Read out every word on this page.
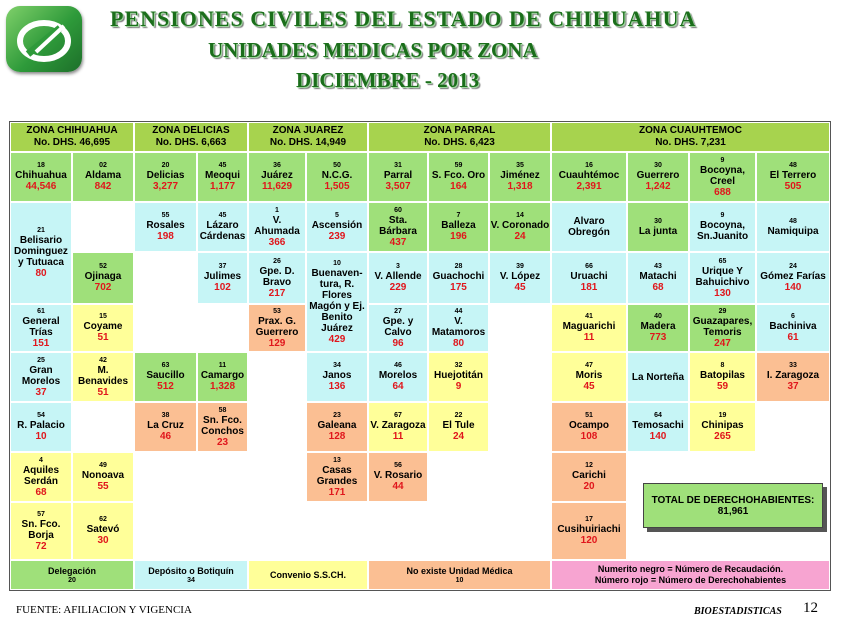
PENSIONES CIVILES DEL ESTADO DE CHIHUAHUA
UNIDADES MEDICAS POR ZONA
DICIEMBRE - 2013
ZONA CHIHUAHUA
No. DHS. 46,695
ZONA DELICIAS
No. DHS. 6,663
ZONA JUAREZ
No. DHS. 14,949
ZONA PARRAL
No. DHS. 6,423
ZONA CUAUHTEMOC
No. DHS. 7,231
18
Chihuahua
44,546
02
Aldama
842
20
Delicias
3,277
45
Meoqui
1,177
36
Juárez
11,629
50
N.C.G.
1,505
31
Parral
3,507
59
S. Fco. Oro
164
35
Jiménez
1,318
16
Cuauhtémoc
2,391
30
Guerrero
1,242
9
Bocoyna, Creel
688
48
El Terrero
505
21
Belisario Dominguez y Tutuaca
80
55
Rosales
198
45
Lázaro Cárdenas
1
V. Ahumada
366
5
Ascensión
239
60
Sta. Bárbara
437
7
Balleza
196
14
V. Coronado
24
Alvaro Obregón
30
La junta
9
Bocoyna, Sn.Juanito
48
Namiquipa
52
Ojinaga
702
37
Julimes
102
26
Gpe. D. Bravo
217
10
Buenaven-tura, R. Flores Magón y Ej. Benito Juárez
429
3
V. Allende
229
28
Guachochi
175
39
V. López
45
66
Uruachi
181
43
Matachi
68
65
Urique Y Bahuichivo
130
24
Gómez Farías
140
61
General Trías
151
15
Coyame
51
53
Prax. G. Guerrero
129
27
Gpe. y Calvo
96
44
V. Matamoros
80
41
Maguarichi
11
40
Madera
773
29
Guazapares, Temoris
247
6
Bachiniva
61
25
Gran Morelos
37
42
M. Benavides
51
63
Saucillo
512
11
Camargo
1,328
34
Janos
136
46
Morelos
64
32
Huejotitán
9
47
Moris
45
La Norteña
8
Batopilas
59
33
I. Zaragoza
37
54
R. Palacio
10
38
La Cruz
46
58
Sn. Fco. Conchos
23
23
Galeana
128
67
V. Zaragoza
11
22
El Tule
24
51
Ocampo
108
64
Temosachi
140
19
Chinipas
265
4
Aquiles Serdán
68
49
Nonoava
55
13
Casas Grandes
171
56
V. Rosario
44
12
Carichi
20
57
Sn. Fco. Borja
72
62
Satevó
30
17
Cusihuiriachi
120
Delegación
20
Depósito o Botiquín
34
Convenio S.S.CH.	No existe Unidad Médica
10
Numerito negro = Número de Recaudación.
Número rojo = Número de Derechohabientes
TOTAL DE DERECHOHABIENTES:
81,961
FUENTE: AFILIACION Y VIGENCIA	BIOESTADISTICAS 12
